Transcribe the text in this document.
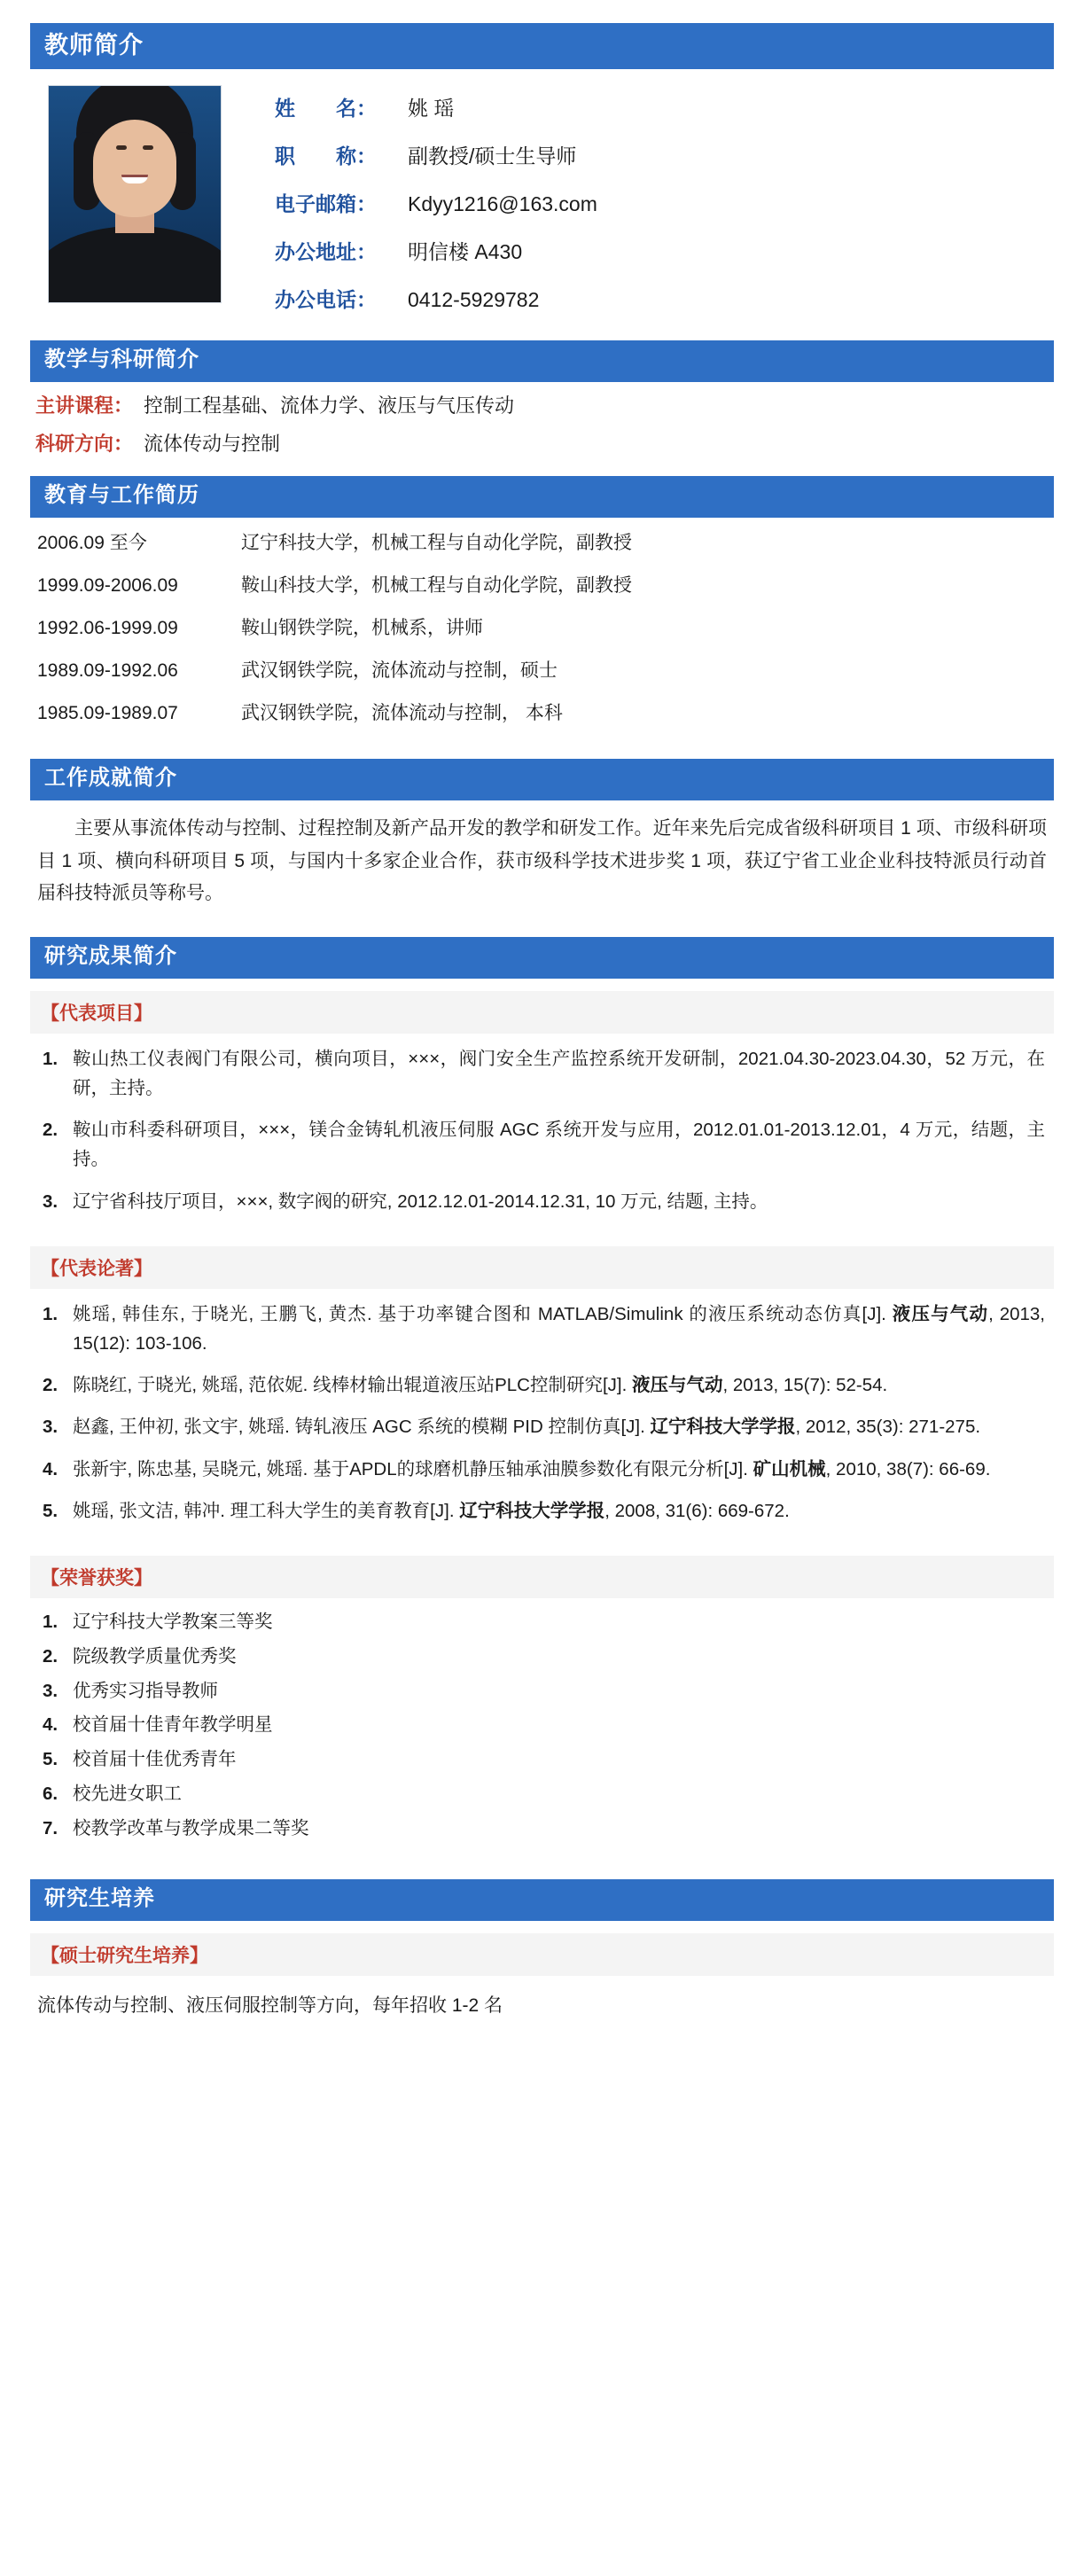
教师简介
姓　　名：	姚 瑶
职　　称：	副教授/硕士生导师
电子邮箱：	Kdyy1216@163.com
办公地址：	明信楼 A430
办公电话：	0412-5929782
教学与科研简介
主讲课程： 控制工程基础、流体力学、液压与气压传动
科研方向： 流体传动与控制
教育与工作简历
2006.09 至今	辽宁科技大学，机械工程与自动化学院，副教授
1999.09-2006.09	鞍山科技大学，机械工程与自动化学院，副教授
1992.06-1999.09	鞍山钢铁学院，机械系，讲师
1989.09-1992.06	武汉钢铁学院，流体流动与控制，硕士
1985.09-1989.07	武汉钢铁学院，流体流动与控制， 本科
工作成就简介
主要从事流体传动与控制、过程控制及新产品开发的教学和研发工作。近年来先后完成省级科研项目 1 项、市级科研项目 1 项、横向科研项目 5 项，与国内十多家企业合作，获市级科学技术进步奖 1 项，获辽宁省工业企业科技特派员行动首届科技特派员等称号。
研究成果简介
【代表项目】
1. 鞍山热工仪表阀门有限公司，横向项目，×××，阀门安全生产监控系统开发研制，2021.04.30-2023.04.30，52 万元，在研，主持。
2. 鞍山市科委科研项目，×××，镁合金铸轧机液压伺服 AGC 系统开发与应用，2012.01.01-2013.12.01，4 万元，结题，主持。
3. 辽宁省科技厅项目，×××, 数字阀的研究, 2012.12.01-2014.12.31, 10 万元, 结题, 主持。
【代表论著】
1. 姚瑶, 韩佳东, 于晓光, 王鹏飞, 黄杰. 基于功率键合图和 MATLAB/Simulink 的液压系统动态仿真[J]. 液压与气动, 2013, 15(12): 103-106.
2. 陈晓红, 于晓光, 姚瑶, 范依妮. 线棒材输出辊道液压站PLC控制研究[J]. 液压与气动, 2013, 15(7): 52-54.
3. 赵鑫, 王仲初, 张文宇, 姚瑶. 铸轧液压 AGC 系统的模糊 PID 控制仿真[J]. 辽宁科技大学学报, 2012, 35(3): 271-275.
4. 张新宇, 陈忠基, 吴晓元, 姚瑶. 基于APDL的球磨机静压轴承油膜参数化有限元分析[J]. 矿山机械, 2010, 38(7): 66-69.
5. 姚瑶, 张文洁, 韩冲. 理工科大学生的美育教育[J]. 辽宁科技大学学报, 2008, 31(6): 669-672.
【荣誉获奖】
1. 辽宁科技大学教案三等奖
2. 院级教学质量优秀奖
3. 优秀实习指导教师
4. 校首届十佳青年教学明星
5. 校首届十佳优秀青年
6. 校先进女职工
7. 校教学改革与教学成果二等奖
研究生培养
【硕士研究生培养】
流体传动与控制、液压伺服控制等方向，每年招收 1-2 名
